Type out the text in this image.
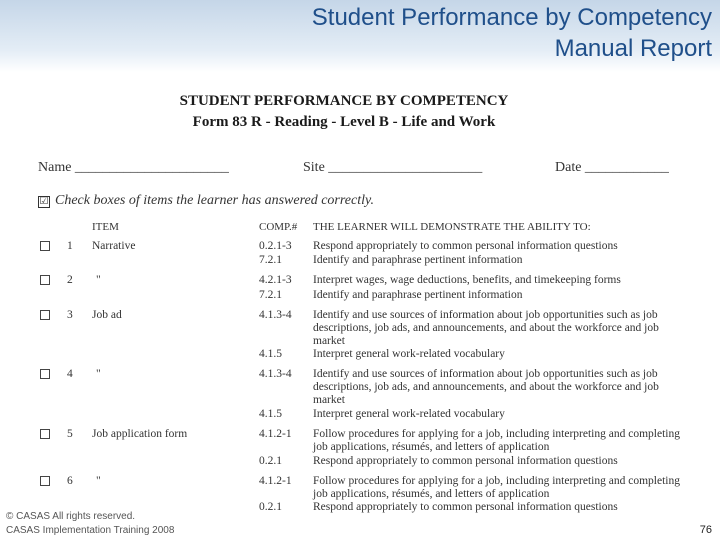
Student Performance by Competency
Manual Report
STUDENT PERFORMANCE BY COMPETENCY
Form 83 R - Reading - Level B - Life and Work
Name ______________________	Site ______________________	Date ____________
☑ Check boxes of items the learner has answered correctly.
ITEM	COMP.# THE LEARNER WILL DEMONSTRATE THE ABILITY TO:
1 Narrative	0.2.1-3 Respond appropriately to common personal information questions
7.2.1	Identify and paraphrase pertinent information
2 "	4.2.1-3 Interpret wages, wage deductions, benefits, and timekeeping forms
7.2.1	Identify and paraphrase pertinent information
3 Job ad	4.1.3-4 Identify and use sources of information about job opportunities such as job descriptions, job ads, and announcements, and about the workforce and job market
4.1.5	Interpret general work-related vocabulary
4 "	4.1.3-4 Identify and use sources of information about job opportunities such as job descriptions, job ads, and announcements, and about the workforce and job market
4.1.5	Interpret general work-related vocabulary
5 Job application form	4.1.2-1 Follow procedures for applying for a job, including interpreting and completing job applications, résumés, and letters of application
0.2.1	Respond appropriately to common personal information questions
6 "	4.1.2-1 Follow procedures for applying for a job, including interpreting and completing job applications, résumés, and letters of application
0.2.1	Respond appropriately to common personal information questions
© CASAS All rights reserved.
CASAS Implementation Training 2008	76
